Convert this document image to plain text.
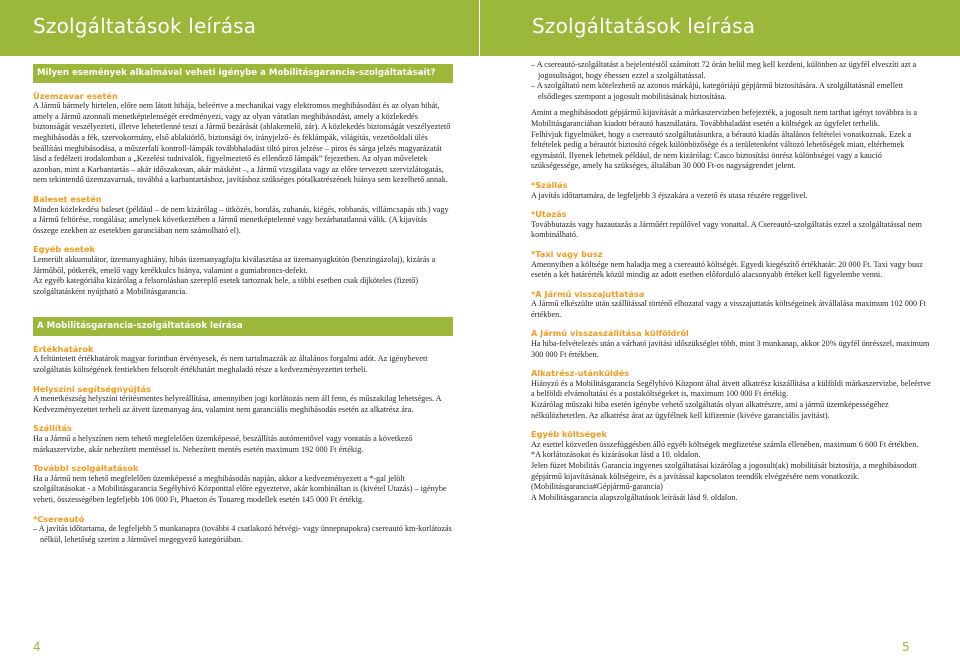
Szolgáltatások leírása
Milyen események alkalmával veheti igénybe a Mobilitásgarancia-szolgáltatásait?
Üzemzavar esetén

A Jármű bármely hirtelen, előre nem látott hibája, beleértve a mechanikai vagy elektromos meghibásodást és az olyan hibát, amely a Jármű azonnali menetképtelenségét eredményezi, vagy az olyan váratlan meghibásodást, amely a közlekedés biztonságát veszélyezteti, illetve lehetetlenné teszi a Jármű bezárását (ablakemelő, zár). A közlekedés biztonságát veszélyeztető meghibásodás a fék, szervokormány, első ablaktörlő, biztonsági öv, irányjelző- és féklámpák, világítás, vezetőoldali ülés beállítási meghibásodása, a műszerfali kontroll-lámpák továbbhaladást tiltó piros jelzése – piros és sárga jelzés magyarázatát lásd a fedélzeti irodalomban a „Kezelési tudnivalók, figyelmeztető és ellenőrző lámpák” fejezetben. Az olyan műveletek azonban, mint a Karbantartás – akár időszakosan, akár másként –, a Jármű vizsgálata vagy az előre tervezett szervizlátogatás, nem tekintendő üzemzavarnak, továbbá a karbantartáshoz, javításhoz szükséges pótalkatrészének hiánya sem kezelhető annak.

Baleset esetén

Minden közlekedési baleset (például – de nem kizárólag – ütközés, borulás, zuhanás, kiégés, robbanás, villámcsapás stb.) vagy a Jármű feltörése, rongálása; amelynek következtében a Jármű menetképtelenné vagy bezárhatatlanná válik. (A kijavítás összege ezekben az esetekben garanciában nem számolható el).

Egyéb esetek

Lemerült akkumulátor, üzemanyaghiány, hibás üzemanyagfajta kiválasztása az üzemanyagkútón (benzingázolaj), kizárás a Járműből, pótkerék, emelő vagy kerékkulcs hiánya, valamint a gumiabroncs-defekt.

Az egyéb kategóriába kizárólag a felsorolásban szereplő esetek tartoznak bele, a többi esetben csak díjköteles (fizető) szolgáltatásként nyújtható a Mobilitásgarancia.

A Mobilitásgarancia-szolgáltatások leírása
Értékhatárok

A feltüntetett értékhatárok magyar forintban érvényesek, és nem tartalmazzák az általános forgalmi adót. Az igénybevett szolgáltatás költségének fentiekben felsorolt értékhatárt meghaladó része a kedvezményezettet terheli.

Helyszíni segítségnyújtás

A menetkészség helyszíni térítésmentes helyreállítása, amennyiben jogi korlátozás nem áll fenn, és műszakilag lehetséges. A Kedvezményezettet terheli az átvett üzemanyag ára, valamint nem garanciális meghibásodás esetén az alkatrész ára.

Szállítás

Ha a Jármű a helyszínen nem tehető megfelelően üzemképessé, beszállítás autómentővel vagy vontatás a következő márkaszervizbe, akár nehezített mentéssel is. Nehezített mentés esetén maximum 192 000 Ft értékig.

További szolgáltatások

Ha a Jármű nem tehető megfelelően üzemképessé a meghibásodás napján, akkor a kedvezményezett a *-gal jelölt szolgáltatásokat - a Mobilitásgarancia Segélyhívó Központtal előre egyeztetve, akár kombináltan is (kivétel Utazás) – igénybe veheti, összességében legfeljebb 106 000 Ft, Phaeton és Touareg modellek esetén 145 000 Ft értékig.

*Csereautó

– A javítás időtartama, de legfeljebb 5 munkanapra (további 4 csatlakozó hétvégi- vagy ünnepnapokra) csereautó km-korlátozás nélkül, lehetőség szerint a Járművel megegyező kategóriában.

4
Szolgáltatások leírása

– A csereautó-szolgáltatást a bejelentéstől számított 72 órán belül meg kell kezdeni, különben az ügyfél elveszíti azt a jogosultságot, hogy éhessen ezzel a szolgáltatással.

– A szolgáltató nem kötelezhető az azonos márkájú, kategóriájú gépjármű biztosítására. A szolgáltatásnál emellett elsődleges szempont a jogosult mobilitásának biztosítása.

Amint a meghibásodott gépjármű kijavítását a márkaszervizben befejezték, a jogosult nem tarthat igényt továbbra is a Mobilitásgaranciában kiadott bérautó használatára. Továbbhaladást esetén a költségek az ügyfelet terhelik.

Felhívjuk figyelmüket, hogy a csereautó szolgáltatásunkra, a bérautó kiadás általános feltételei vonatkoznak. Ezek a feltételek pedig a bérautót biztosító cégek különbözősége és a területenként változó lehetőségek miatt, eltérhetnek egymástól. Ilyenek lehetnek például, de nem kizárólag: Casco biztosítási önrész különbségei vagy a kaució szükségessége, amely ha szükséges, általában 30 000 Ft-os nagyságrendet jelent.

*Szállás

A javítás időtartamára, de legfeljebb 3 éjszakára a vezető és utasa részére reggelivel.

*Utazás

Továbbutazás vagy hazautazás a Járműért repülővel vagy vonattal. A Csereautó-szolgáltatás ezzel a szolgáltatással nem kombinálható.

*Taxi vagy busz

Amennyiben a költsége nem haladja meg a csereautó költségét. Egyedi kiegészítő értékhatár: 20 000 Ft. Taxi vagy busz esetén a két határérték közül mindig az adott esetben előforduló alacsonyabb értéket kell figyelembe venni.

*A Jármű visszajuttatása

A Jármű elkészülte után szállítással történő elhozatal vagy a visszajuttatás költségeinek átvállalása maximum 102 000 Ft értékben.

A Jármű visszaszállítása külföldről

Ha hiba-felvételezés után a várható javítási időszükséglet több, mint 3 munkanap, akkor 20% ügyfél önrésszel, maximum 300 000 Ft értékben.

Alkatrész-utánküldés

Hiányzó és a Mobilitásgarancia Segélyhívó Központ által átvett alkatrész kiszállítása a külföldi márkaszervizbe, beleértve a belföldi elvámoltatási és a postaköltségeket is, maximum 100 000 Ft értékig.

Kizárólag műszaki hiba esetén igénybe vehető szolgáltatás olyan alkatrészre, ami a jármű üzemképességéhez nélkülözhetetlen. Az alkatrész árat az ügyfélnek kell kifizetnie (kivéve garanciális javítást).

Egyéb költségek

Az esettel közvetlen összefüggésben álló egyéb költségek megfizetése számla ellenében, maximum 6 600 Ft értékben.

*A korlátozásokat és kizárásokat lásd a 10. oldalon.

Jelen füzet Mobilitás Garancia ingyenes szolgáltatásai kizárólag a jogosult(ak) mobilitását biztosítja, a meghibásodott gépjármű kijavításának költségeire, és a javítással kapcsolatos teendők elvégzésére nem vonatkozik. (Mobilitásgarancia#Gépjármű-garancia)

A Mobilitásgarancia alapszolgáltatások leírását lásd 9. oldalon.

5
